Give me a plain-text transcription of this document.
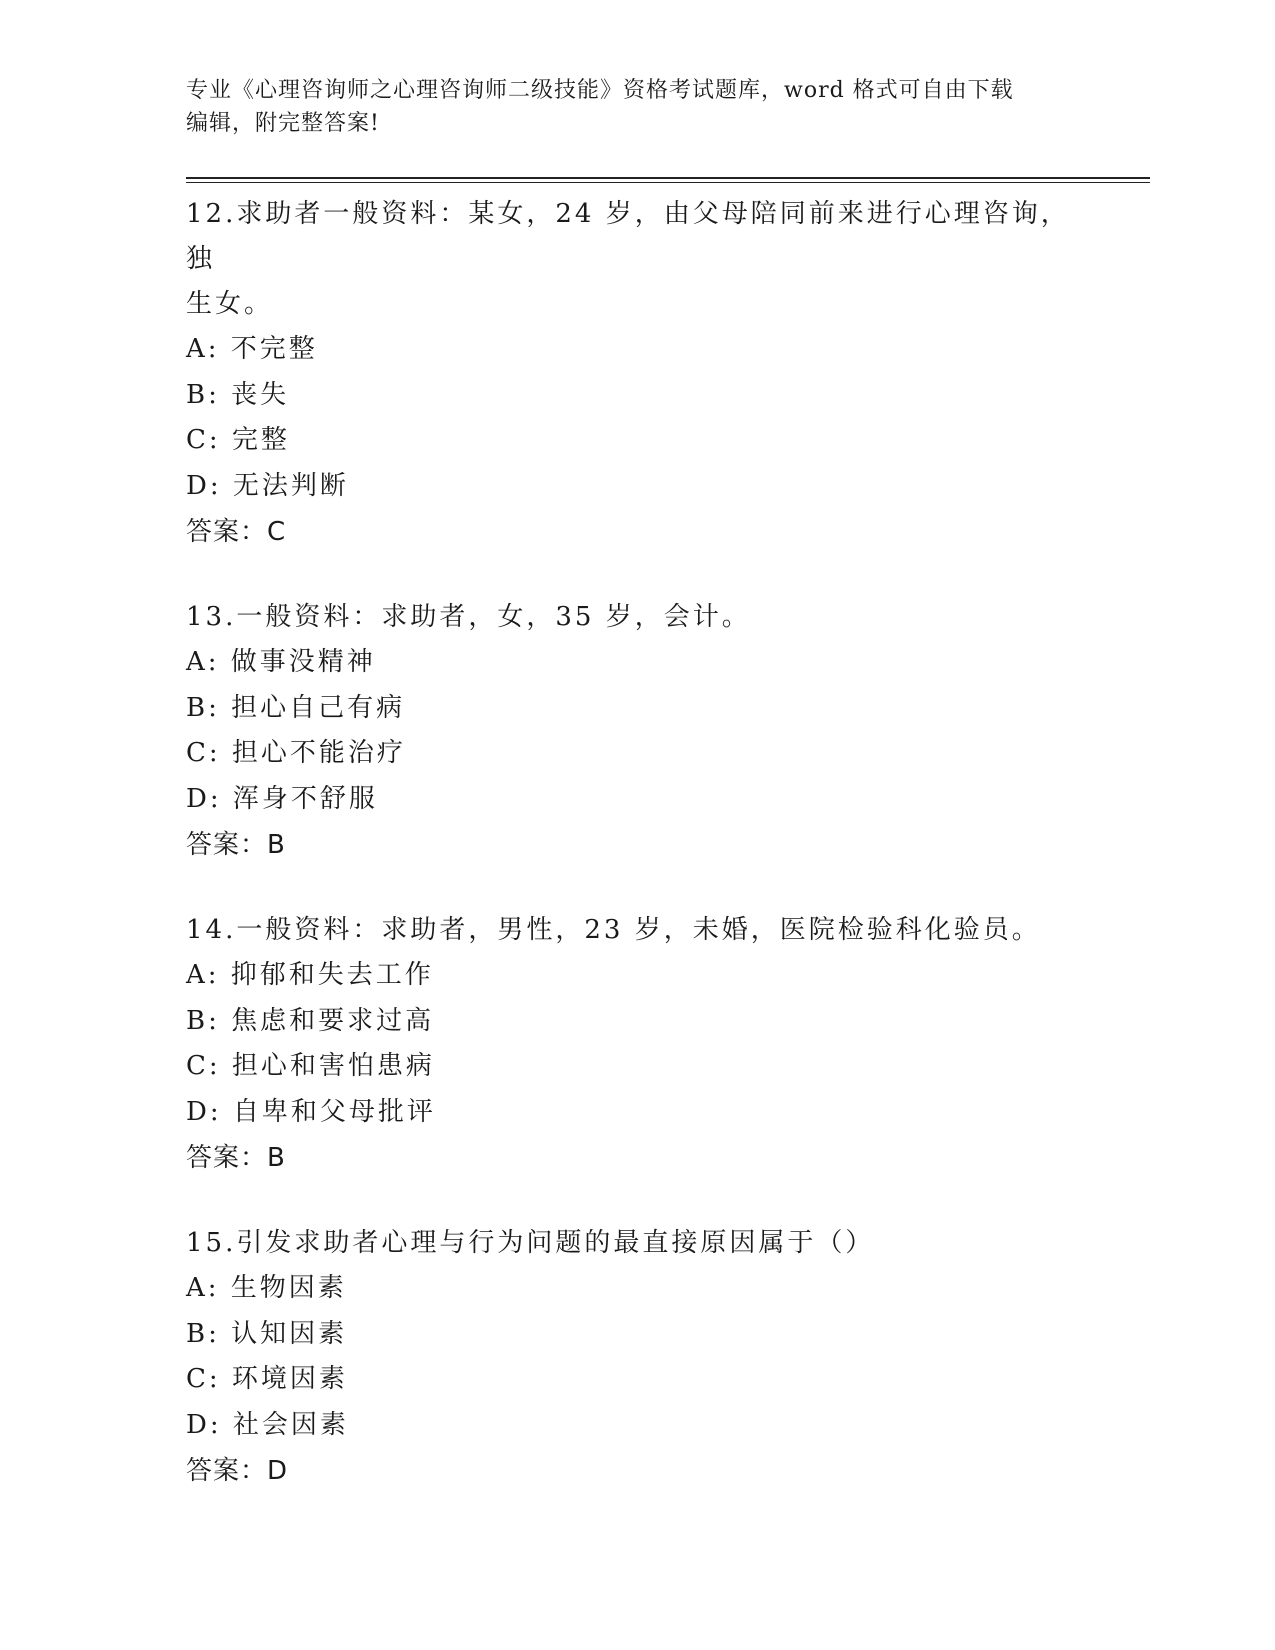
专业《心理咨询师之心理咨询师二级技能》资格考试题库，word 格式可自由下载
编辑，附完整答案!

12.求助者一般资料：某女，24 岁，由父母陪同前来进行心理咨询，独

生女。

A: 不完整

B: 丧失

C: 完整

D: 无法判断

答案：C

13.一般资料：求助者，女，35 岁，会计。

A: 做事没精神

B: 担心自己有病

C: 担心不能治疗

D: 浑身不舒服

答案：B

14.一般资料：求助者，男性，23 岁，未婚，医院检验科化验员。

A: 抑郁和失去工作

B: 焦虑和要求过高

C: 担心和害怕患病

D: 自卑和父母批评

答案：B

15.引发求助者心理与行为问题的最直接原因属于（）

A: 生物因素

B: 认知因素

C: 环境因素

D: 社会因素

答案：D
